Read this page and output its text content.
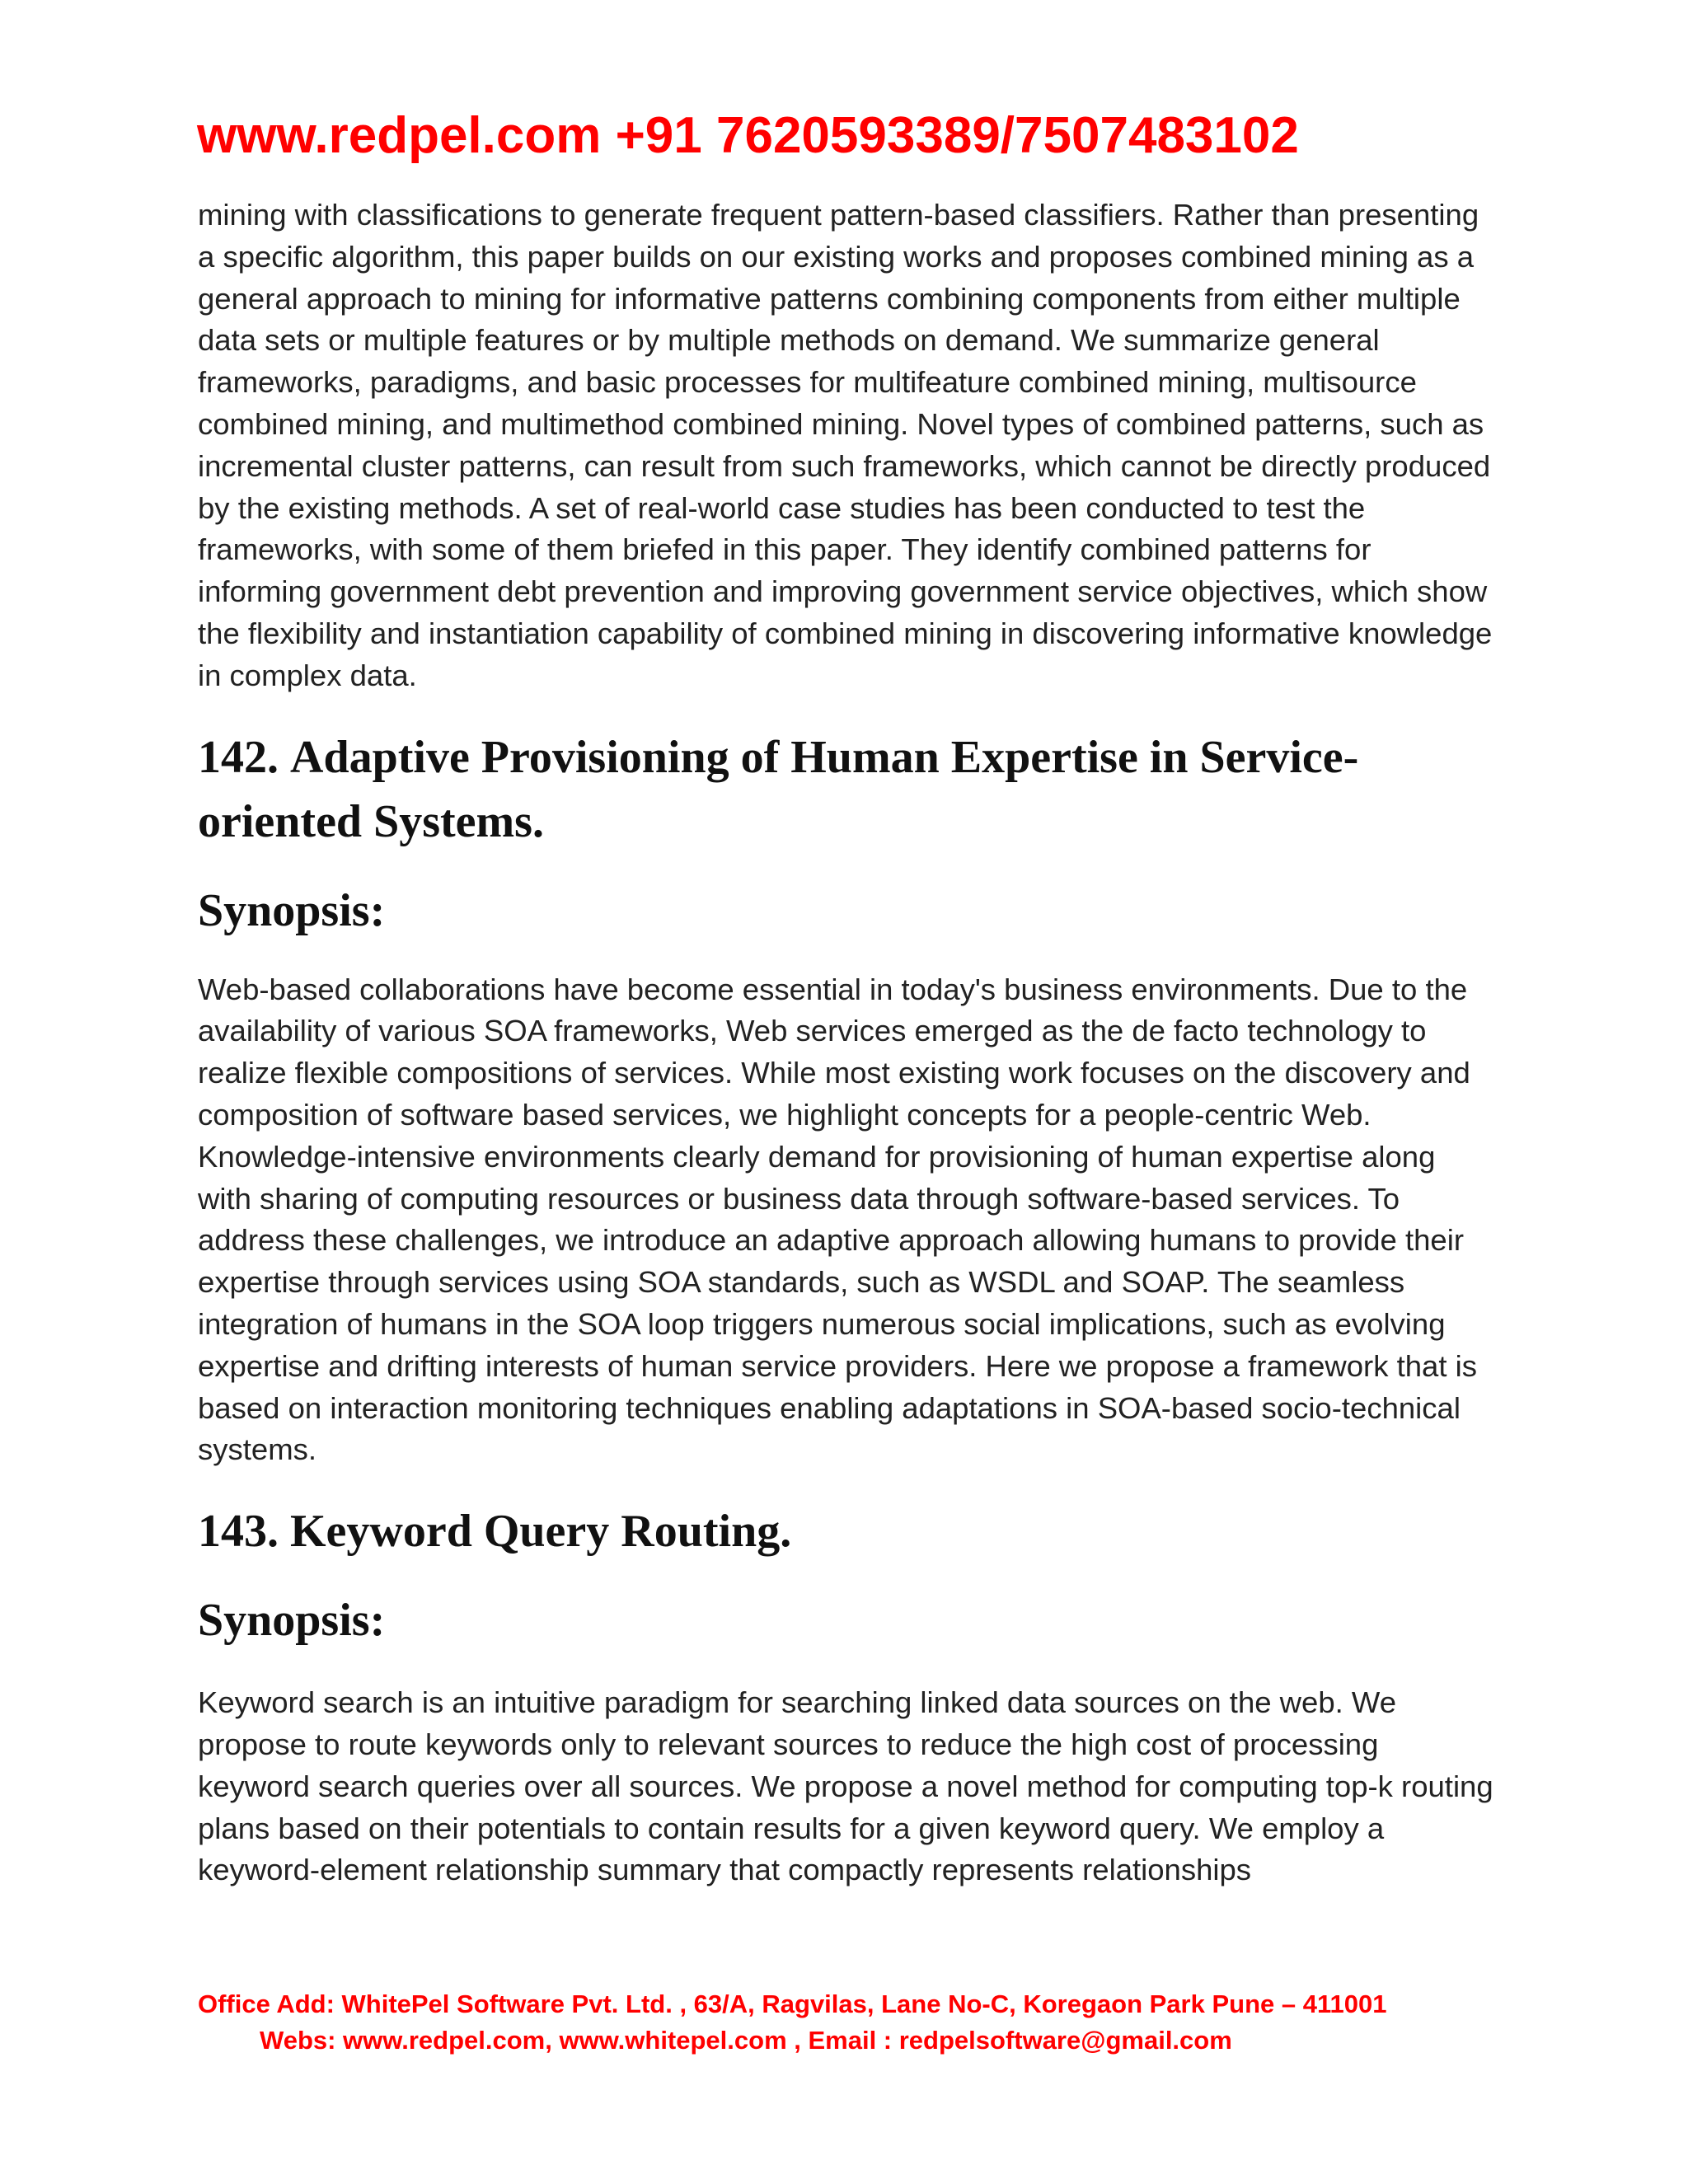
www.redpel.com +91 7620593389/7507483102

mining with classifications to generate frequent pattern-based classifiers. Rather than presenting a specific algorithm, this paper builds on our existing works and proposes combined mining as a general approach to mining for informative patterns combining components from either multiple data sets or multiple features or by multiple methods on demand. We summarize general frameworks, paradigms, and basic processes for multifeature combined mining, multisource combined mining, and multimethod combined mining. Novel types of combined patterns, such as incremental cluster patterns, can result from such frameworks, which cannot be directly produced by the existing methods. A set of real-world case studies has been conducted to test the frameworks, with some of them briefed in this paper. They identify combined patterns for informing government debt prevention and improving government service objectives, which show the flexibility and instantiation capability of combined mining in discovering informative knowledge in complex data.

142. Adaptive Provisioning of Human Expertise in Service-oriented Systems.
Synopsis:

Web-based collaborations have become essential in today's business environments. Due to the availability of various SOA frameworks, Web services emerged as the de facto technology to realize flexible compositions of services. While most existing work focuses on the discovery and composition of software based services, we highlight concepts for a people-centric Web. Knowledge-intensive environments clearly demand for provisioning of human expertise along with sharing of computing resources or business data through software-based services. To address these challenges, we introduce an adaptive approach allowing humans to provide their expertise through services using SOA standards, such as WSDL and SOAP. The seamless integration of humans in the SOA loop triggers numerous social implications, such as evolving expertise and drifting interests of human service providers. Here we propose a framework that is based on interaction monitoring techniques enabling adaptations in SOA-based socio-technical systems.

143. Keyword Query Routing.
Synopsis:

Keyword search is an intuitive paradigm for searching linked data sources on the web. We propose to route keywords only to relevant sources to reduce the high cost of processing keyword search queries over all sources. We propose a novel method for computing top-k routing plans based on their potentials to contain results for a given keyword query. We employ a keyword-element relationship summary that compactly represents relationships

Office Add: WhitePel Software Pvt. Ltd. , 63/A, Ragvilas, Lane No-C, Koregaon Park Pune – 411001
Webs: www.redpel.com, www.whitepel.com , Email : redpelsoftware@gmail.com
